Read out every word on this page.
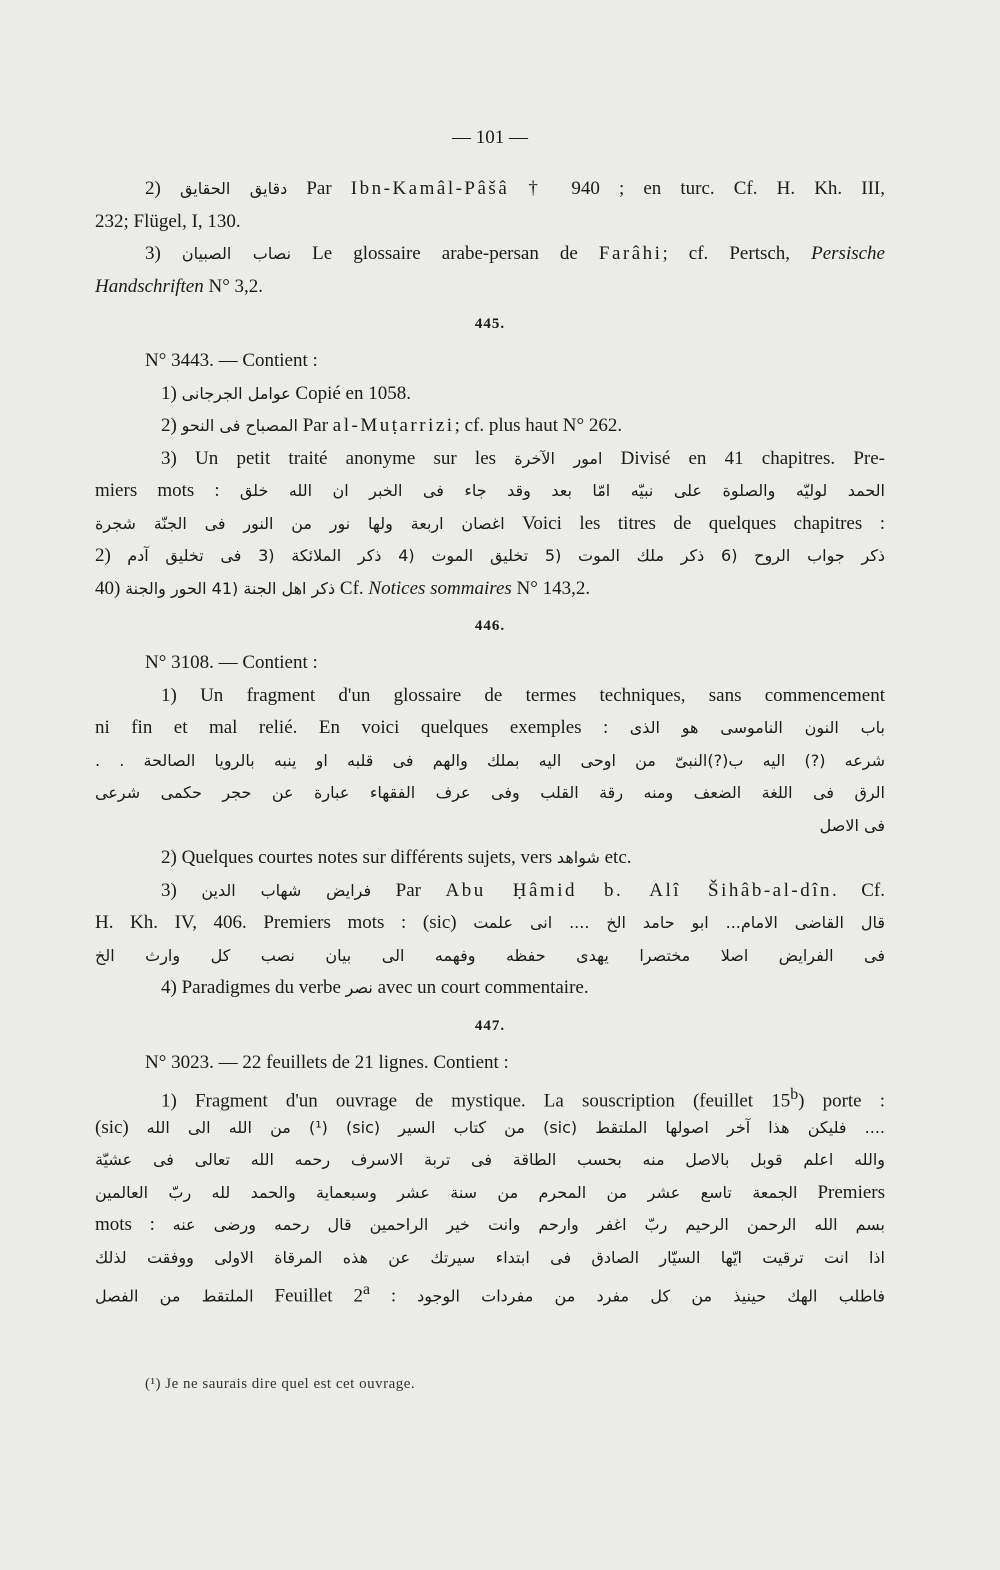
— 101 —
2) دقايق الحقايق Par Ibn-Kamâl-Pâšâ † 940 ; en turc. Cf. H. Kh. III,
232; Flügel, I, 130.
3) نصاب الصبيان Le glossaire arabe-persan de Farâhi; cf. Pertsch, Persische
Handschriften N° 3,2.
445.
N° 3443. — Contient :
1) عوامل الجرجانى Copié en 1058.
2) المصباح فى النحو Par al-Muṭarrizi; cf. plus haut N° 262.
3) Un petit traité anonyme sur les امور الآخرة Divisé en 41 chapitres. Pre-
miers mots : الحمد لوليّه والصلوة على نبيّه امّا بعد وقد جاء فى الخبر ان الله خلق
اغصان اربعة ولها نور من النور فى الجنّة شجرة Voici les titres de quelques chapitres :
2) ذكر جواب الروح (6 ذكر ملك الموت (5 تخليق الموت (4 ذكر الملائكة (3 فى تخليق آدم
40) ذكر اهل الجنة (41 الحور والجنة Cf. Notices sommaires N° 143,2.
446.
N° 3108. — Contient :
1) Un fragment d'un glossaire de termes techniques, sans commencement
ni fin et mal relié. En voici quelques exemples : باب النون الناموسى هو الذى
شرعه (?) اليه ب(?)النبىّ من اوحى اليه بملك والهم فى قلبه او ينبه بالرويا الصالحة . .
الرق فى اللغة الضعف ومنه رقة القلب وفى عرف الفقهاء عبارة عن حجر حكمى شرعى
فى الاصل
2) Quelques courtes notes sur différents sujets, vers شواهد etc.
3) فرايض شهاب الدين Par Abu Ḥâmid b. Alî Šihâb-al-dîn. Cf.
H. Kh. IV, 406. Premiers mots : (sic) قال القاضى الامام... ابو حامد الخ .... انى علمت
فى الفرايض اصلا مختصرا يهدى حفظه وفهمه الى بيان نصب كل وارث الخ
4) Paradigmes du verbe نصر avec un court commentaire.
447.
N° 3023. — 22 feuillets de 21 lignes. Contient :
1) Fragment d'un ouvrage de mystique. La souscription (feuillet 15$^b$) porte :
(sic) .... فليكن هذا آخر اصولها الملتقط (sic) من كتاب السير (sic) (¹) من الله الى الله
والله اعلم قوبل بالاصل منه بحسب الطاقة فى تربة الاسرف رحمه الله تعالى فى عشيّة
الجمعة تاسع عشر من المحرم من سنة عشر وسبعماية والحمد لله ربّ العالمين Premiers
mots : بسم الله الرحمن الرحيم ربّ اغفر وارحم وانت خير الراحمين قال رحمه ورضى عنه
اذا انت ترقيت ايّها السيّار الصادق فى ابتداء سيرتك عن هذه المرقاة الاولى ووفقت لذلك
الملتقط من الفصل Feuillet 2$^a$ : فاطلب الهك حينيذ من كل مفرد من مفردات الوجود
(¹) Je ne saurais dire quel est cet ouvrage.
